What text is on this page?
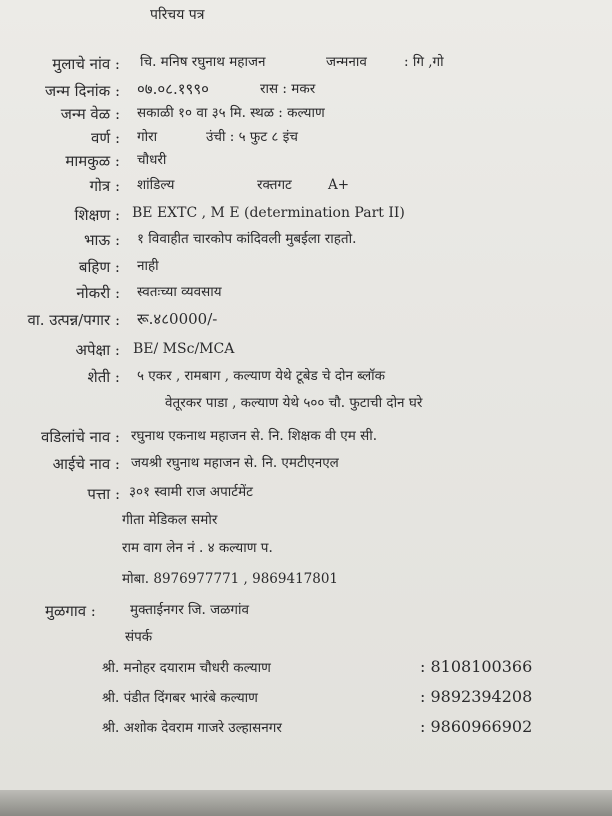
परिचय पत्र
मुलाचे नांव : चि. मनिष रघुनाथ महाजन	जन्मनाव	: गि ,गो
जन्म दिनांक : ०७.०८.१९९०	रास : मकर
जन्म वेळ : सकाळी १० वा ३५ मि. स्थळ : कल्याण
वर्ण : गोरा	उंची : ५ फुट ८ इंच
मामकुळ : चौधरी
गोत्र : शांडिल्य	रक्तगट	A+
शिक्षण : BE EXTC , M E (determination Part II)
भाऊ : १ विवाहीत चारकोप कांदिवली मुबईला राहतो.
बहिण : नाही
नोकरी : स्वतःच्या व्यवसाय
वा. उत्पन्न/पगार : रू.४८0000/-
अपेक्षा : BE/ MSc/MCA
शेती : ५ एकर , रामबाग , कल्याण येथे टूबेड चे दोन ब्लॉक
वेतूरकर पाडा , कल्याण येथे ५०० चौ. फुटाची दोन घरे
वडिलांचे नाव : रघुनाथ एकनाथ महाजन से. नि. शिक्षक वी एम सी.
आईचे नाव : जयश्री रघुनाथ महाजन से. नि. एमटीएनएल
पत्ता : ३०१ स्वामी राज अपार्टमेंट
गीता मेडिकल समोर
राम वाग लेन नं . ४ कल्याण प.
मोबा. 8976977771 , 9869417801
मुळगाव :	मुक्ताईनगर जि. जळगांव
संपर्क
श्री. मनोहर दयाराम चौधरी कल्याण	: 8108100366
श्री. पंडीत दिंगबर भारंबे कल्याण	: 9892394208
श्री. अशोक देवराम गाजरे उल्हासनगर	: 9860966902
